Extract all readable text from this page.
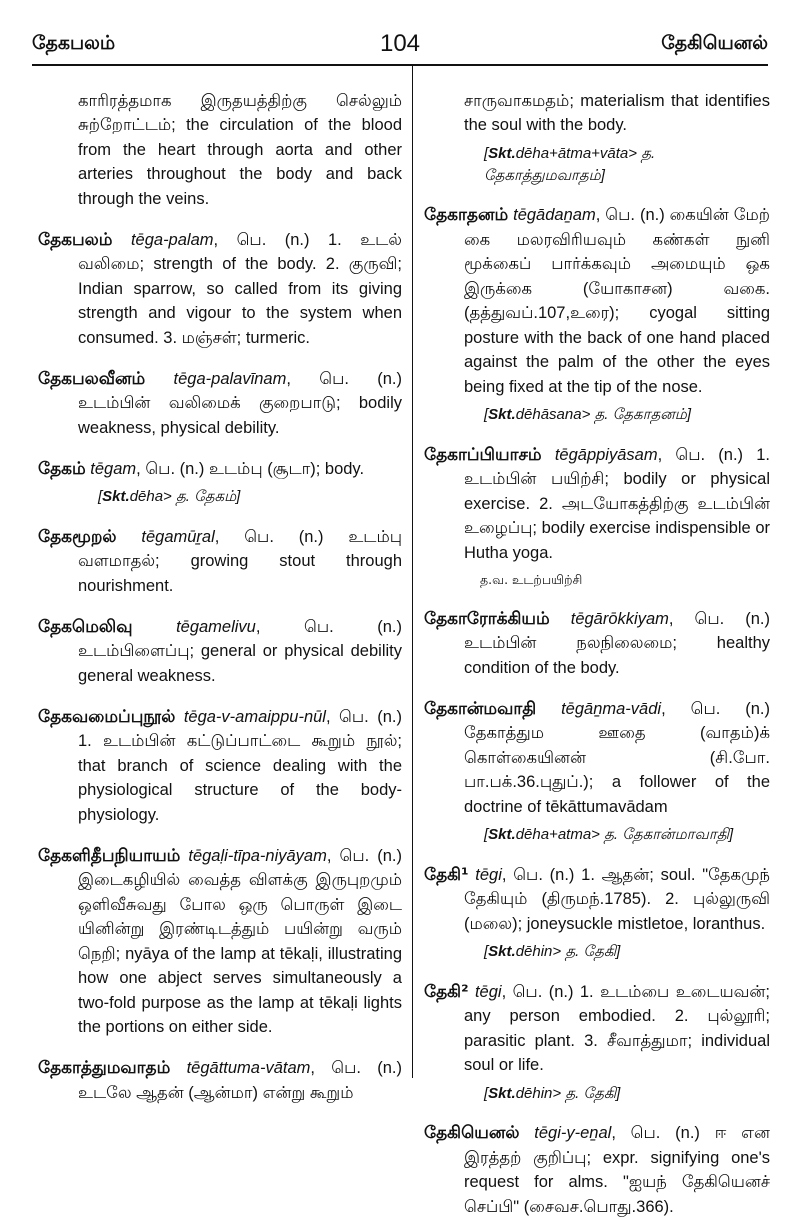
தேகபலம்	104	தேகியெனல்

காரிரத்தமாக இருதயத்திற்கு செல்லும் சுற்றோட்டம்; the circulation of the blood from the heart through aorta and other arteries throughout the body and back through the veins.

தேகபலம் tēga-palam, பெ. (n.) 1. உடல் வலிமை; strength of the body. 2. குருவி; Indian sparrow, so called from its giving strength and vigour to the system when consumed. 3. மஞ்சள்; turmeric.

தேகபலவீனம் tēga-palavīnam, பெ. (n.) உடம்பின் வலிமைக் குறைபாடு; bodily weakness, physical debility.

தேகம் tēgam, பெ. (n.) உடம்பு (சூடா); body.

[Skt.dēha> த. தேகம்]

தேகமூறல் tēgamūṟal, பெ. (n.) உடம்பு வளமாதல்; growing stout through nourishment.

தேகமெலிவு	tēgamelivu, பெ. (n.) உடம்பிளைப்பு; general or physical debility general weakness.

தேகவமைப்புநூல் tēga-v-amaippu-nūl, பெ. (n.) 1. உடம்பின் கட்டுப்பாட்டை கூறும் நூல்; that branch of science dealing with the physiological structure of the body-physiology.

தேகளிதீபநியாயம் tēgaḷi-tīpa-niyāyam, பெ. (n.) இடைகழியில் வைத்த விளக்கு இருபுறமும் ஒளிவீசுவது போல ஒரு பொருள் இடை யினின்று இரண்டிடத்தும் பயின்று வரும் நெறி; nyāya of the lamp at tēkaḷi, illustrating how one abject serves simultaneously a two-fold purpose as the lamp at tēkaḷi lights the portions on either side.

தேகாத்துமவாதம் tēgāttuma-vātam, பெ. (n.) உடலே ஆதன் (ஆன்மா) என்று கூறும்

சாருவாகமதம்; materialism that identifies the soul with the body.

[Skt.dēha+ātma+vāta> த. தேகாத்துமவாதம்]

தேகாதனம் tēgādaṉam, பெ. (n.) கையின் மேற் கை மலரவிரியவும் கண்கள் நுனி மூக்கைப் பார்க்கவும் அமையும் ஒக இருக்கை (யோகாசன) வகை. (தத்துவப்.107,உரை); cyogal sitting posture with the back of one hand placed against the palm of the other the eyes being fixed at the tip of the nose.

[Skt.dēhāsana> த. தேகாதனம்]

தேகாப்பியாசம் tēgāppiyāsam, பெ. (n.) 1. உடம்பின் பயிற்சி; bodily or physical exercise. 2. அடயோகத்திற்கு உடம்பின் உழைப்பு; bodily exercise indispensible or Hutha yoga.

த.வ. உடற்பயிற்சி

தேகாரோக்கியம் tēgārōkkiyam, பெ. (n.) உடம்பின் நலநிலைமை; healthy condition of the body.

தேகான்மவாதி tēgāṉma-vādi, பெ. (n.) தேகாத்தும ஊதை (வாதம்)க் கொள்கையினன் (சி.போ. பா.பக்.36.புதுப்.); a follower of the doctrine of tēkāttumavādam

[Skt.dēha+atma> த. தேகான்மாவாதி]

தேகி¹ tēgi, பெ. (n.) 1. ஆதன்; soul. "தேகமுந் தேகியும் (திருமந்.1785). 2. புல்லுருவி (மலை); joneysuckle mistletoe, loranthus.

[Skt.dēhin> த. தேகி]

தேகி² tēgi, பெ. (n.) 1. உடம்பை உடையவன்; any person embodied. 2. புல்லூரி; parasitic plant. 3. சீவாத்துமா; individual soul or life.

[Skt.dēhin> த. தேகி]

தேகியெனல் tēgi-y-eṉal, பெ. (n.) ஈ என இரத்தற் குறிப்பு; expr. signifying one's request for alms. "ஐயந் தேகியெனச் செப்பி" (சைவச.பொது.366).
